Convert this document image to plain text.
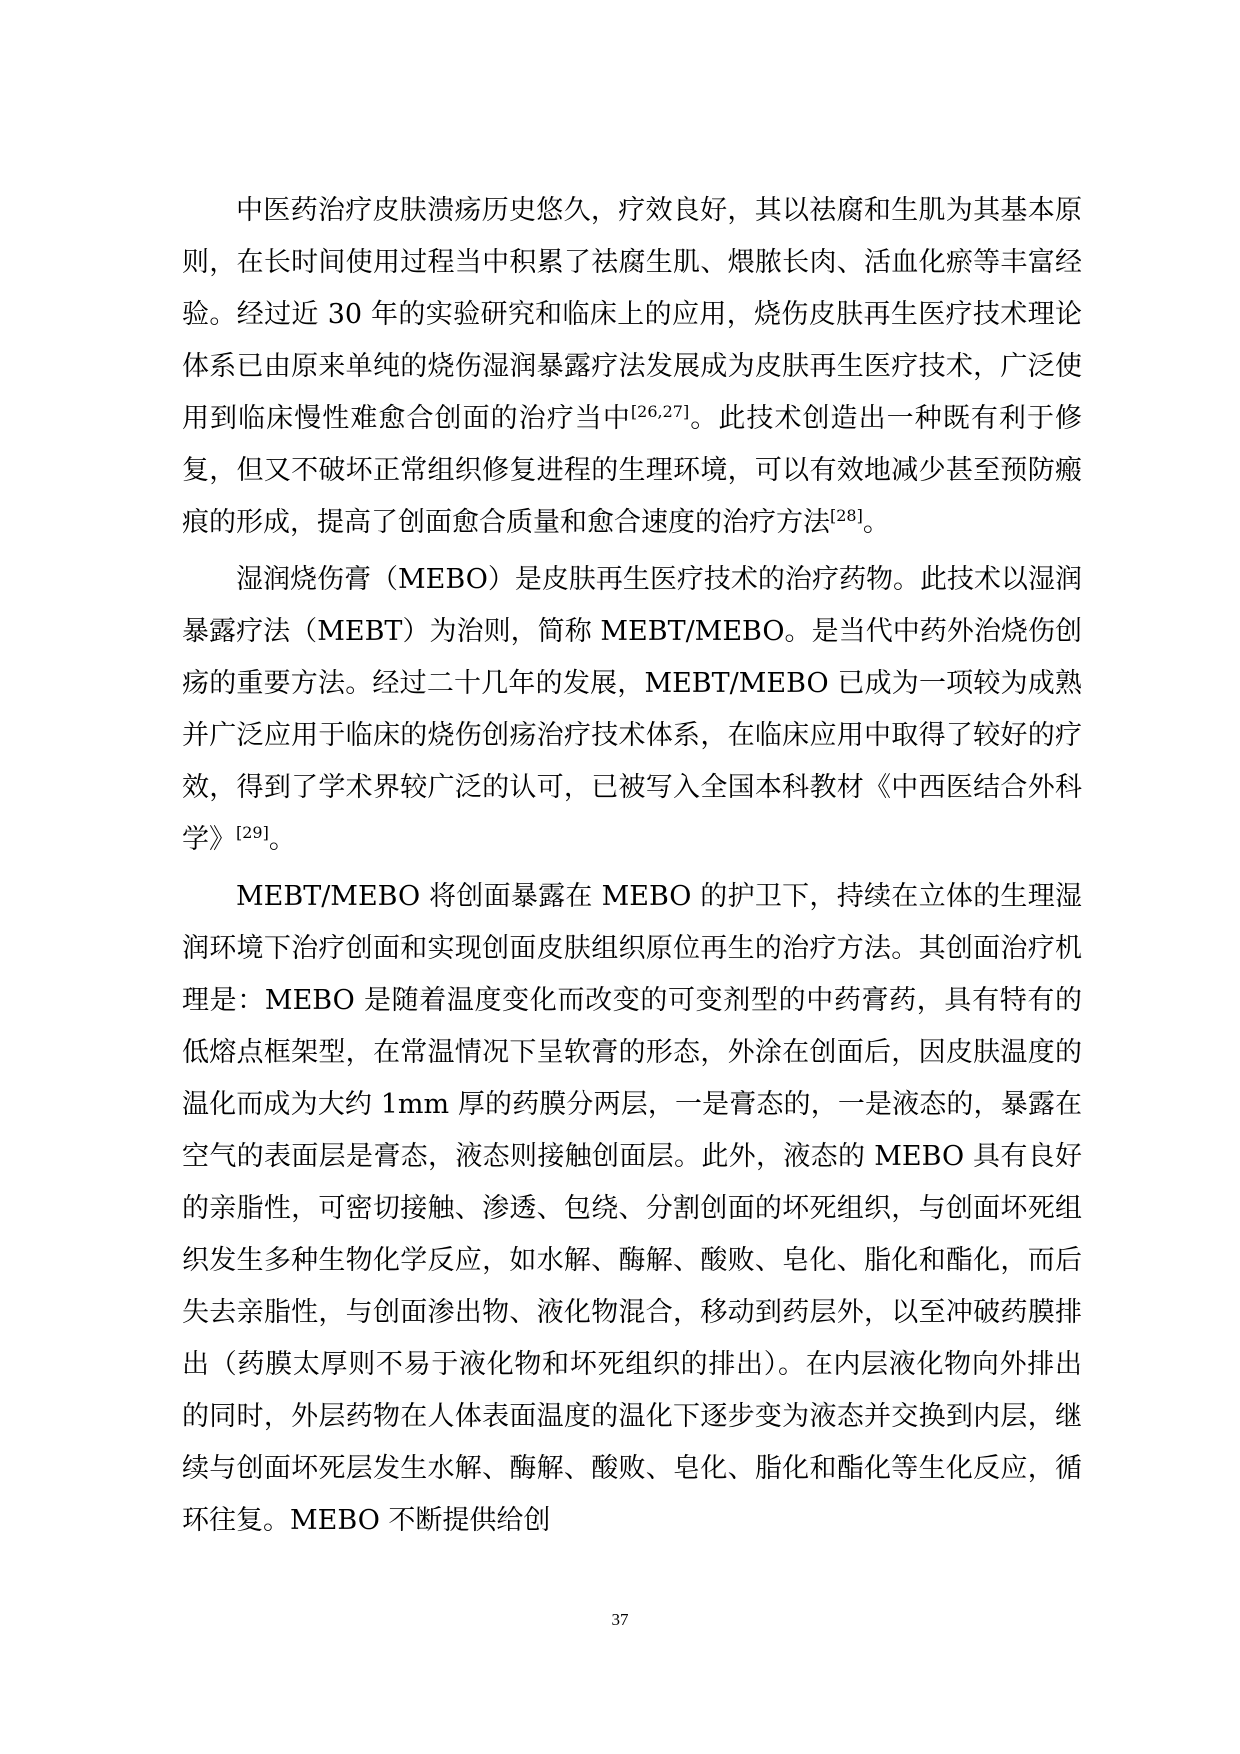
中医药治疗皮肤溃疡历史悠久，疗效良好，其以祛腐和生肌为其基本原则，在长时间使用过程当中积累了祛腐生肌、煨脓长肉、活血化瘀等丰富经验。经过近 30 年的实验研究和临床上的应用，烧伤皮肤再生医疗技术理论体系已由原来单纯的烧伤湿润暴露疗法发展成为皮肤再生医疗技术，广泛使用到临床慢性难愈合创面的治疗当中[26,27]。此技术创造出一种既有利于修复，但又不破坏正常组织修复进程的生理环境，可以有效地减少甚至预防瘢痕的形成，提高了创面愈合质量和愈合速度的治疗方法[28]。

湿润烧伤膏（MEBO）是皮肤再生医疗技术的治疗药物。此技术以湿润暴露疗法（MEBT）为治则，简称 MEBT/MEBO。是当代中药外治烧伤创疡的重要方法。经过二十几年的发展，MEBT/MEBO 已成为一项较为成熟并广泛应用于临床的烧伤创疡治疗技术体系，在临床应用中取得了较好的疗效，得到了学术界较广泛的认可，已被写入全国本科教材《中西医结合外科学》[29]。

MEBT/MEBO 将创面暴露在 MEBO 的护卫下，持续在立体的生理湿润环境下治疗创面和实现创面皮肤组织原位再生的治疗方法。其创面治疗机理是：MEBO 是随着温度变化而改变的可变剂型的中药膏药，具有特有的低熔点框架型，在常温情况下呈软膏的形态，外涂在创面后，因皮肤温度的温化而成为大约 1mm 厚的药膜分两层，一是膏态的，一是液态的，暴露在空气的表面层是膏态，液态则接触创面层。此外，液态的 MEBO 具有良好的亲脂性，可密切接触、渗透、包绕、分割创面的坏死组织，与创面坏死组织发生多种生物化学反应，如水解、酶解、酸败、皂化、脂化和酯化，而后失去亲脂性，与创面渗出物、液化物混合，移动到药层外，以至冲破药膜排出（药膜太厚则不易于液化物和坏死组织的排出）。在内层液化物向外排出的同时，外层药物在人体表面温度的温化下逐步变为液态并交换到内层，继续与创面坏死层发生水解、酶解、酸败、皂化、脂化和酯化等生化反应，循环往复。MEBO 不断提供给创

37
